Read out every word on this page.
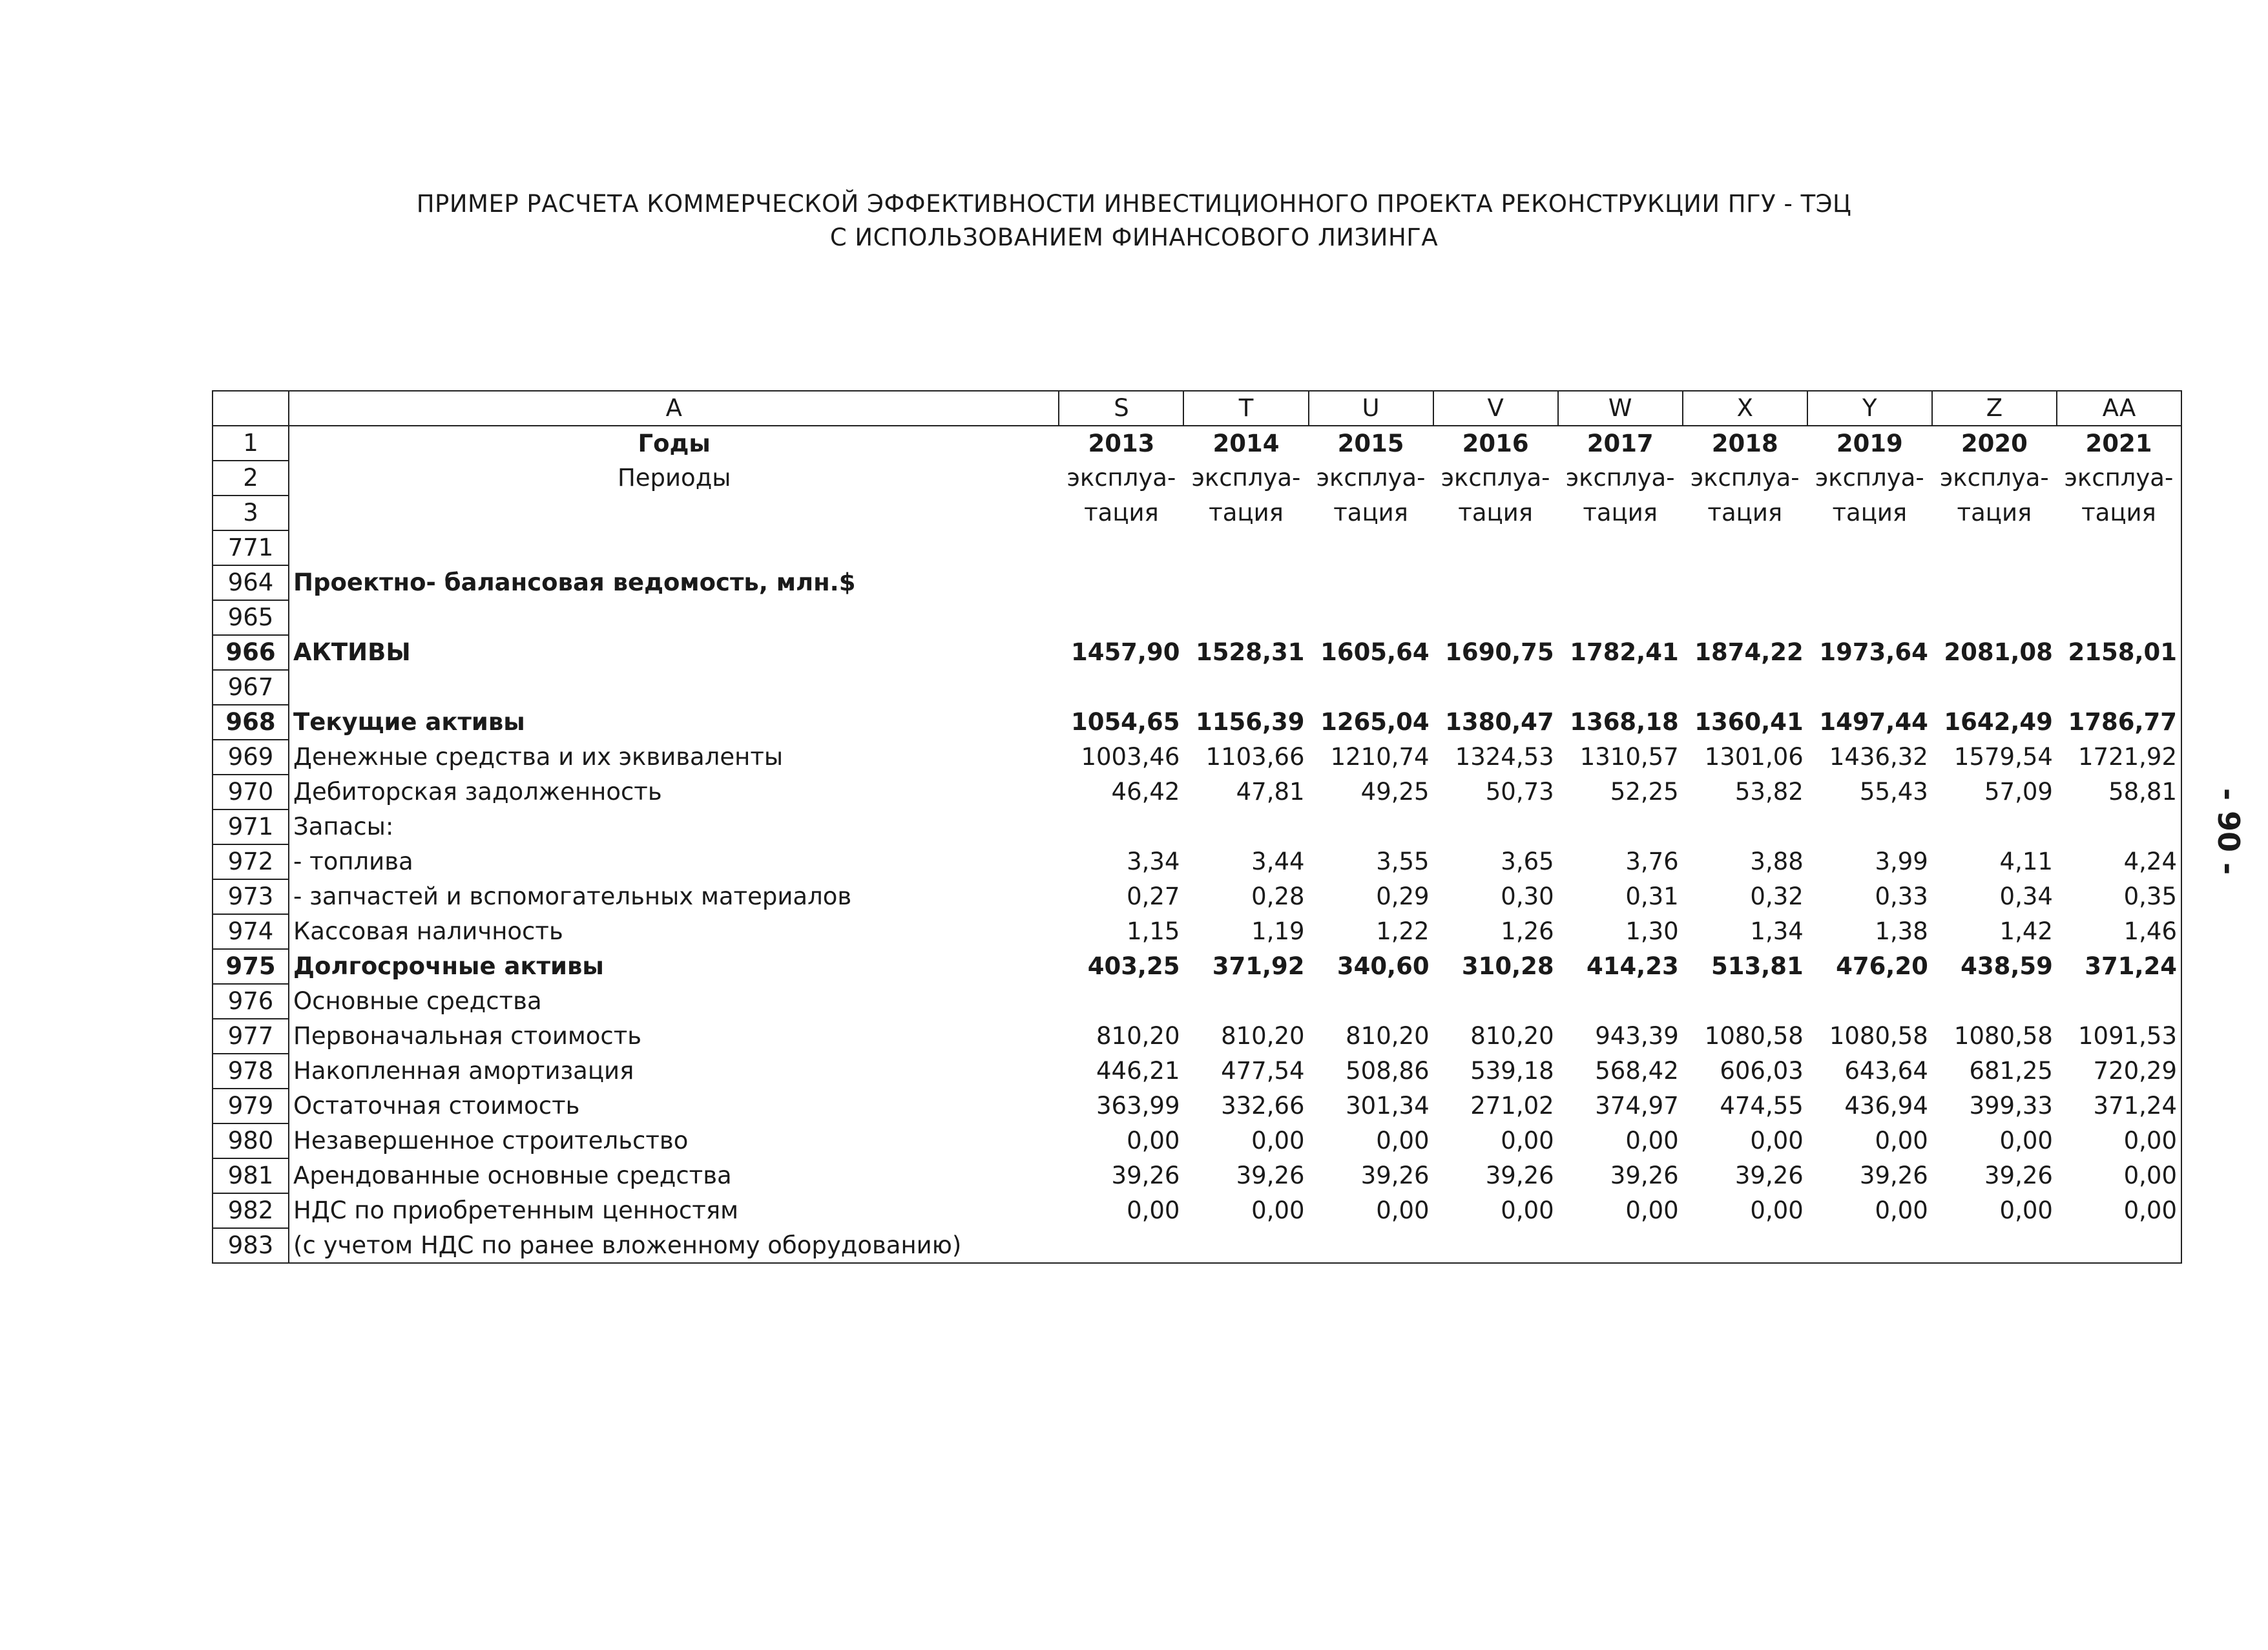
ПРИМЕР РАСЧЕТА КОММЕРЧЕСКОЙ ЭФФЕКТИВНОСТИ ИНВЕСТИЦИОННОГО ПРОЕКТА РЕКОНСТРУКЦИИ ПГУ - ТЭЦ
С ИСПОЛЬЗОВАНИЕМ ФИНАНСОВОГО ЛИЗИНГА
- 90 -
	A	S	T	U	V	W	X	Y	Z	AA
1	Годы	2013	2014	2015	2016	2017	2018	2019	2020	2021
2	Периоды	эксплуа-	эксплуа-	эксплуа-	эксплуа-	эксплуа-	эксплуа-	эксплуа-	эксплуа-	эксплуа-
3		тация	тация	тация	тация	тация	тация	тация	тация	тация
771										
964	Проектно- балансовая ведомость, млн.$									
965										
966	АКТИВЫ	1457,90	1528,31	1605,64	1690,75	1782,41	1874,22	1973,64	2081,08	2158,01
967										
968	Текущие активы	1054,65	1156,39	1265,04	1380,47	1368,18	1360,41	1497,44	1642,49	1786,77
969	Денежные средства и их эквиваленты	1003,46	1103,66	1210,74	1324,53	1310,57	1301,06	1436,32	1579,54	1721,92
970	Дебиторская задолженность	46,42	47,81	49,25	50,73	52,25	53,82	55,43	57,09	58,81
971	Запасы:									
972	- топлива	3,34	3,44	3,55	3,65	3,76	3,88	3,99	4,11	4,24
973	- запчастей и вспомогательных материалов	0,27	0,28	0,29	0,30	0,31	0,32	0,33	0,34	0,35
974	Кассовая наличность	1,15	1,19	1,22	1,26	1,30	1,34	1,38	1,42	1,46
975	Долгосрочные активы	403,25	371,92	340,60	310,28	414,23	513,81	476,20	438,59	371,24
976	Основные средства									
977	Первоначальная стоимость	810,20	810,20	810,20	810,20	943,39	1080,58	1080,58	1080,58	1091,53
978	Накопленная амортизация	446,21	477,54	508,86	539,18	568,42	606,03	643,64	681,25	720,29
979	Остаточная стоимость	363,99	332,66	301,34	271,02	374,97	474,55	436,94	399,33	371,24
980	Незавершенное строительство	0,00	0,00	0,00	0,00	0,00	0,00	0,00	0,00	0,00
981	Арендованные основные средства	39,26	39,26	39,26	39,26	39,26	39,26	39,26	39,26	0,00
982	НДС по приобретенным ценностям	0,00	0,00	0,00	0,00	0,00	0,00	0,00	0,00	0,00
983	(с учетом НДС по ранее вложенному оборудованию)									
